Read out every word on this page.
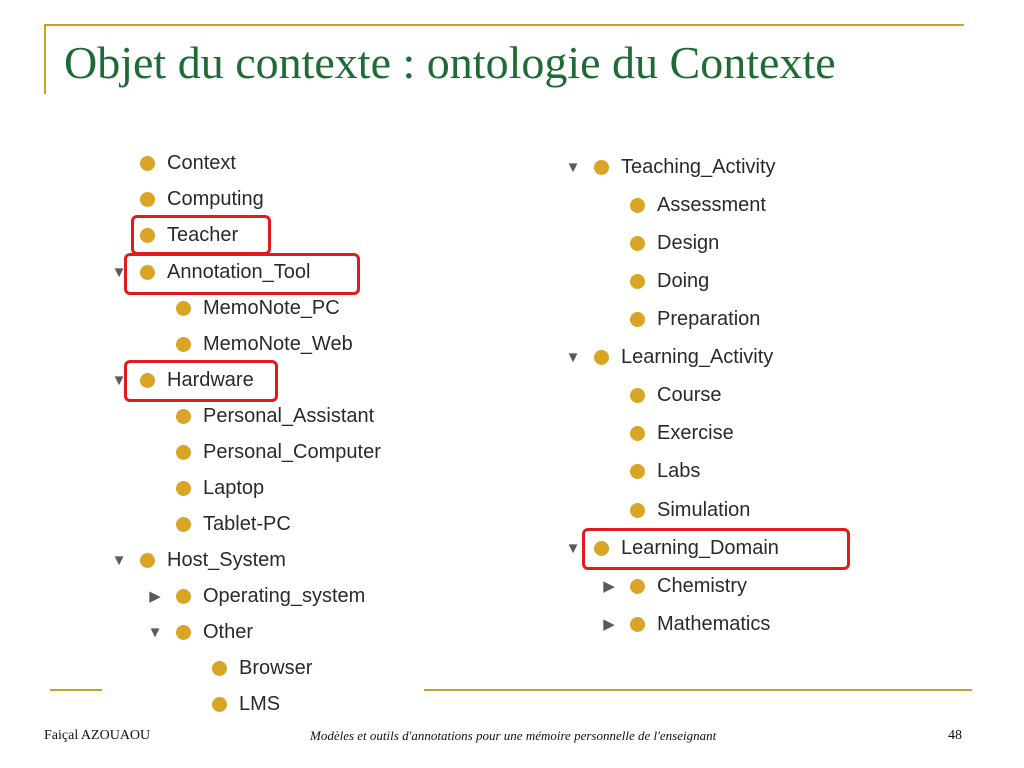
Objet du contexte : ontologie du Contexte
Context
Computing
Teacher
▼ Annotation_Tool
MemoNote_PC
MemoNote_Web
▼ Hardware
Personal_Assistant
Personal_Computer
Laptop
Tablet-PC
▼ Host_System
▶ Operating_system
▼ Other
Browser
LMS
▼ Teaching_Activity
Assessment
Design
Doing
Preparation
▼ Learning_Activity
Course
Exercise
Labs
Simulation
▼ Learning_Domain
▶ Chemistry
▶ Mathematics
Faiçal AZOUAOU	Modèles et outils d'annotations pour une mémoire personnelle de l'enseignant	48
